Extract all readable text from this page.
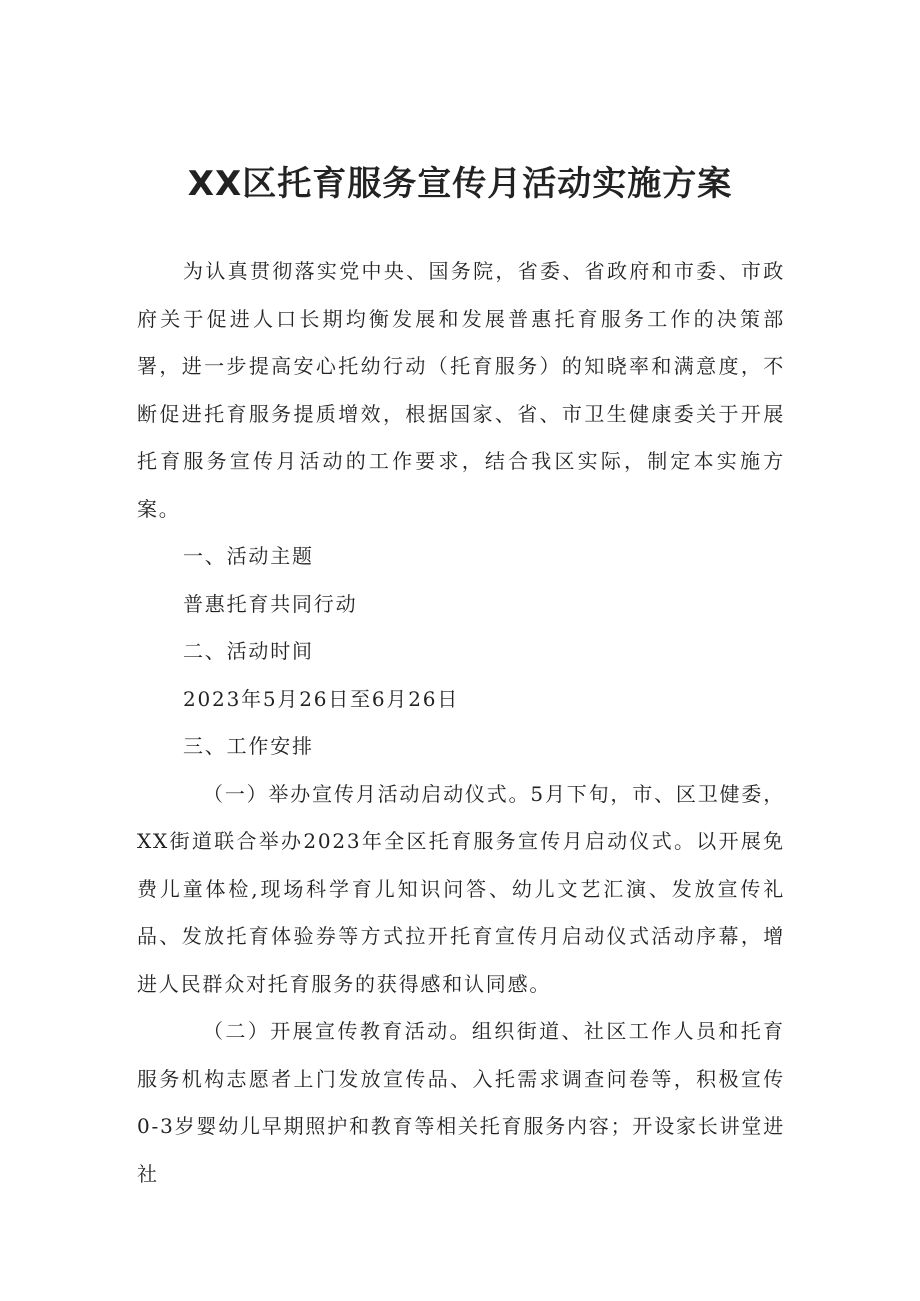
XX区托育服务宣传月活动实施方案

为认真贯彻落实党中央、国务院，省委、省政府和市委、市政府关于促进人口长期均衡发展和发展普惠托育服务工作的决策部署，进一步提高安心托幼行动（托育服务）的知晓率和满意度，不断促进托育服务提质增效，根据国家、省、市卫生健康委关于开展托育服务宣传月活动的工作要求，结合我区实际，制定本实施方案。

一、活动主题

普惠托育共同行动

二、活动时间

2023年5月26日至6月26日

三、工作安排

（一）举办宣传月活动启动仪式。5月下旬，市、区卫健委，XX街道联合举办2023年全区托育服务宣传月启动仪式。以开展免费儿童体检,现场科学育儿知识问答、幼儿文艺汇演、发放宣传礼品、发放托育体验券等方式拉开托育宣传月启动仪式活动序幕，增进人民群众对托育服务的获得感和认同感。

（二）开展宣传教育活动。组织街道、社区工作人员和托育服务机构志愿者上门发放宣传品、入托需求调查问卷等，积极宣传0-3岁婴幼儿早期照护和教育等相关托育服务内容；开设家长讲堂进社
